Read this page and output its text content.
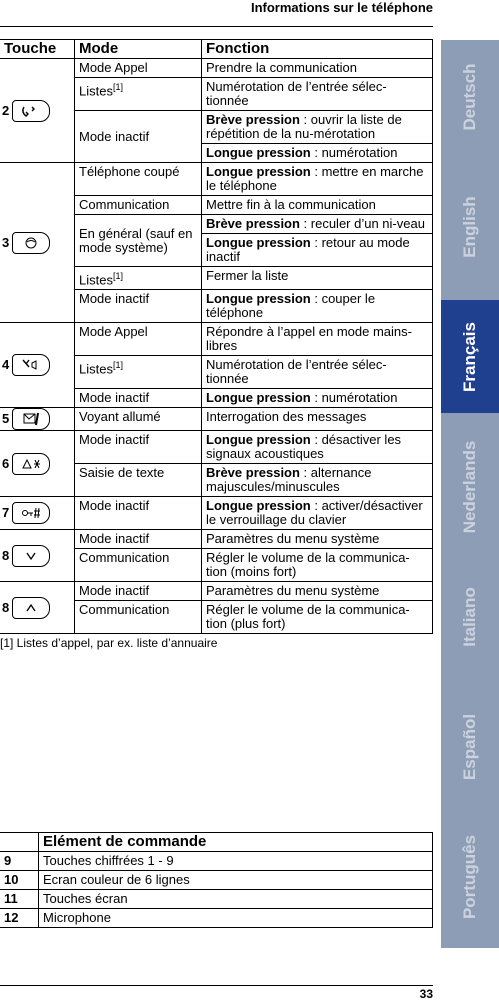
Informations sur le téléphone
Deutsch
English
Français
Nederlands
Italiano
Español
Português
Touche	Mode	Fonction
2	Mode Appel	Prendre la communication
	Listes[1]	Numérotation de l’entrée sélec-tionnée
	Mode inactif	Brève pression : ouvrir la liste de répétition de la nu-mérotation
		Longue pression : numérotation
3	Téléphone coupé	Longue pression : mettre en marche le téléphone
	Communication	Mettre fin à la communication
	En général (sauf en mode système)	Brève pression : reculer d’un ni-veau
		Longue pression : retour au mode inactif
	Listes[1]	Fermer la liste
	Mode inactif	Longue pression : couper le téléphone
4	Mode Appel	Répondre à l’appel en mode mains-libres
	Listes[1]	Numérotation de l’entrée sélec-tionnée
	Mode inactif	Longue pression : numérotation
5	Voyant allumé	Interrogation des messages
6	Mode inactif	Longue pression : désactiver les signaux acoustiques
	Saisie de texte	Brève pression : alternance majuscules/minuscules
7	Mode inactif	Longue pression : activer/désactiver le verrouillage du clavier
8	Mode inactif	Paramètres du menu système
	Communication	Régler le volume de la communica-tion (moins fort)
8	Mode inactif	Paramètres du menu système
	Communication	Régler le volume de la communica-tion (plus fort)
[1] Listes d’appel, par ex. liste d’annuaire
	Elément de commande
9	Touches chiffrées 1 - 9
10	Ecran couleur de 6 lignes
11	Touches écran
12	Microphone
33
